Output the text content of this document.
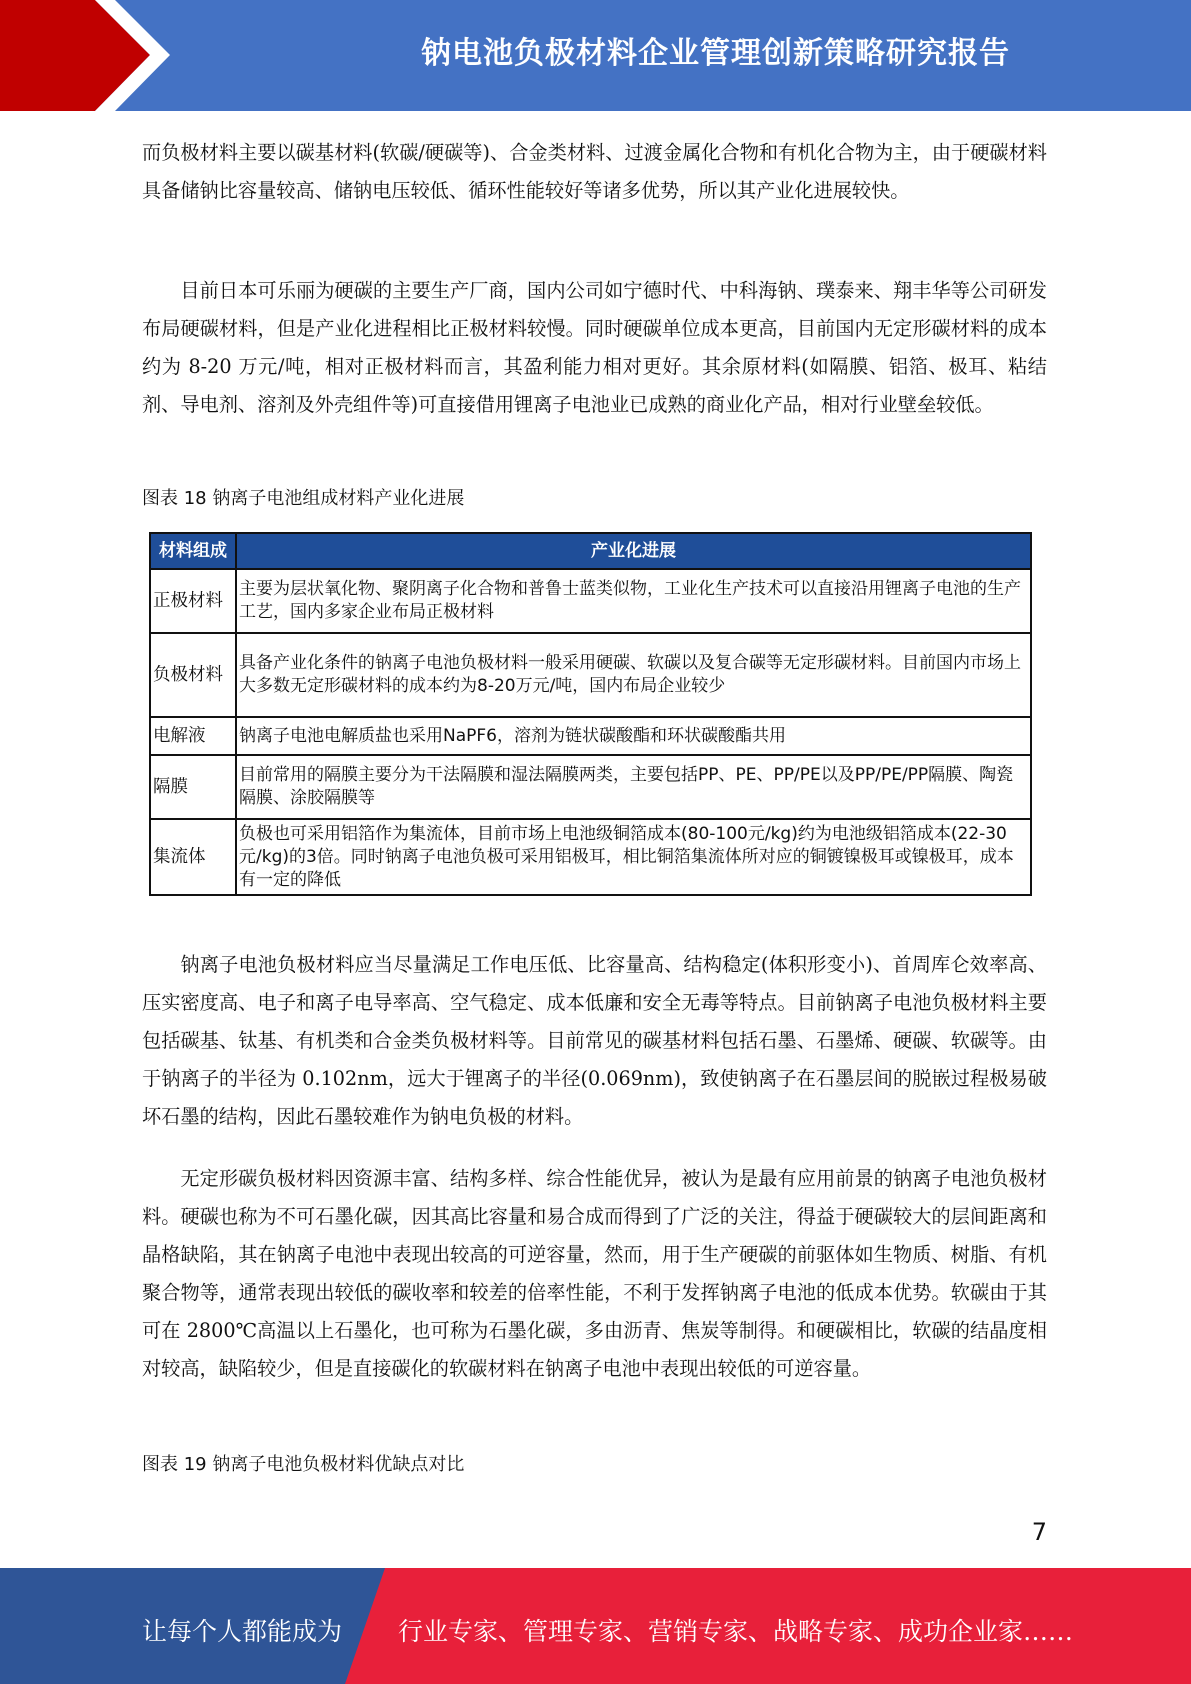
钠电池负极材料企业管理创新策略研究报告

而负极材料主要以碳基材料(软碳/硬碳等)、合金类材料、过渡金属化合物和有机化合物为主，由于硬碳材料具备储钠比容量较高、储钠电压较低、循环性能较好等诸多优势，所以其产业化进展较快。

目前日本可乐丽为硬碳的主要生产厂商，国内公司如宁德时代、中科海钠、璞泰来、翔丰华等公司研发布局硬碳材料，但是产业化进程相比正极材料较慢。同时硬碳单位成本更高，目前国内无定形碳材料的成本约为 8-20 万元/吨，相对正极材料而言，其盈利能力相对更好。其余原材料(如隔膜、铝箔、极耳、粘结剂、导电剂、溶剂及外壳组件等)可直接借用锂离子电池业已成熟的商业化产品，相对行业壁垒较低。

图表 18 钠离子电池组成材料产业化进展
材料组成	产业化进展
正极材料	主要为层状氧化物、聚阴离子化合物和普鲁士蓝类似物，工业化生产技术可以直接沿用锂离子电池的生产工艺，国内多家企业布局正极材料
负极材料	具备产业化条件的钠离子电池负极材料一般采用硬碳、软碳以及复合碳等无定形碳材料。目前国内市场上大多数无定形碳材料的成本约为8-20万元/吨，国内布局企业较少
电解液	钠离子电池电解质盐也采用NaPF6，溶剂为链状碳酸酯和环状碳酸酯共用
隔膜	目前常用的隔膜主要分为干法隔膜和湿法隔膜两类，主要包括PP、PE、PP/PE以及PP/PE/PP隔膜、陶瓷隔膜、涂胶隔膜等
集流体	负极也可采用铝箔作为集流体，目前市场上电池级铜箔成本(80-100元/kg)约为电池级铝箔成本(22-30元/kg)的3倍。同时钠离子电池负极可采用铝极耳，相比铜箔集流体所对应的铜镀镍极耳或镍极耳，成本有一定的降低

钠离子电池负极材料应当尽量满足工作电压低、比容量高、结构稳定(体积形变小)、首周库仑效率高、压实密度高、电子和离子电导率高、空气稳定、成本低廉和安全无毒等特点。目前钠离子电池负极材料主要包括碳基、钛基、有机类和合金类负极材料等。目前常见的碳基材料包括石墨、石墨烯、硬碳、软碳等。由于钠离子的半径为 0.102nm，远大于锂离子的半径(0.069nm)，致使钠离子在石墨层间的脱嵌过程极易破坏石墨的结构，因此石墨较难作为钠电负极的材料。

无定形碳负极材料因资源丰富、结构多样、综合性能优异，被认为是最有应用前景的钠离子电池负极材料。硬碳也称为不可石墨化碳，因其高比容量和易合成而得到了广泛的关注，得益于硬碳较大的层间距离和晶格缺陷，其在钠离子电池中表现出较高的可逆容量，然而，用于生产硬碳的前驱体如生物质、树脂、有机聚合物等，通常表现出较低的碳收率和较差的倍率性能，不利于发挥钠离子电池的低成本优势。软碳由于其可在 2800℃高温以上石墨化，也可称为石墨化碳，多由沥青、焦炭等制得。和硬碳相比，软碳的结晶度相对较高，缺陷较少，但是直接碳化的软碳材料在钠离子电池中表现出较低的可逆容量。

图表 19 钠离子电池负极材料优缺点对比
7
让每个人都能成为 行业专家、管理专家、营销专家、战略专家、成功企业家……
